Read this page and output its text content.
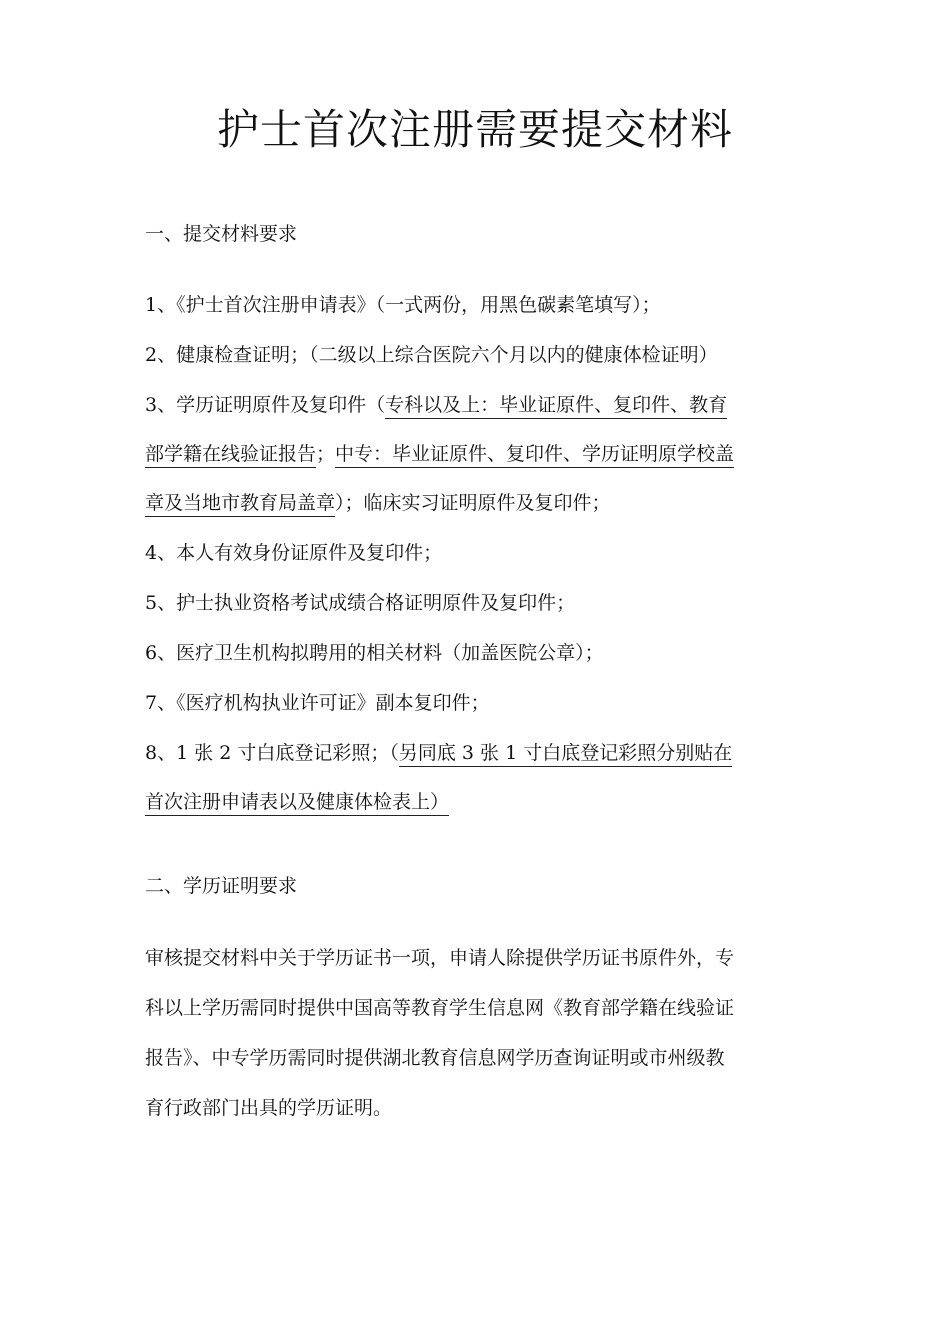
护士首次注册需要提交材料
一、提交材料要求
1、《护士首次注册申请表》（一式两份，用黑色碳素笔填写）；
2、健康检查证明；（二级以上综合医院六个月以内的健康体检证明）
3、学历证明原件及复印件（专科以及上：毕业证原件、复印件、教育
部学籍在线验证报告；中专：毕业证原件、复印件、学历证明原学校盖
章及当地市教育局盖章）；临床实习证明原件及复印件；
4、本人有效身份证原件及复印件；
5、护士执业资格考试成绩合格证明原件及复印件；
6、医疗卫生机构拟聘用的相关材料（加盖医院公章）；
7、《医疗机构执业许可证》副本复印件；
8、1 张 2 寸白底登记彩照；（另同底 3 张 1 寸白底登记彩照分别贴在
首次注册申请表以及健康体检表上）
二、学历证明要求
审核提交材料中关于学历证书一项，申请人除提供学历证书原件外，专
科以上学历需同时提供中国高等教育学生信息网《教育部学籍在线验证
报告》、中专学历需同时提供湖北教育信息网学历查询证明或市州级教
育行政部门出具的学历证明。
